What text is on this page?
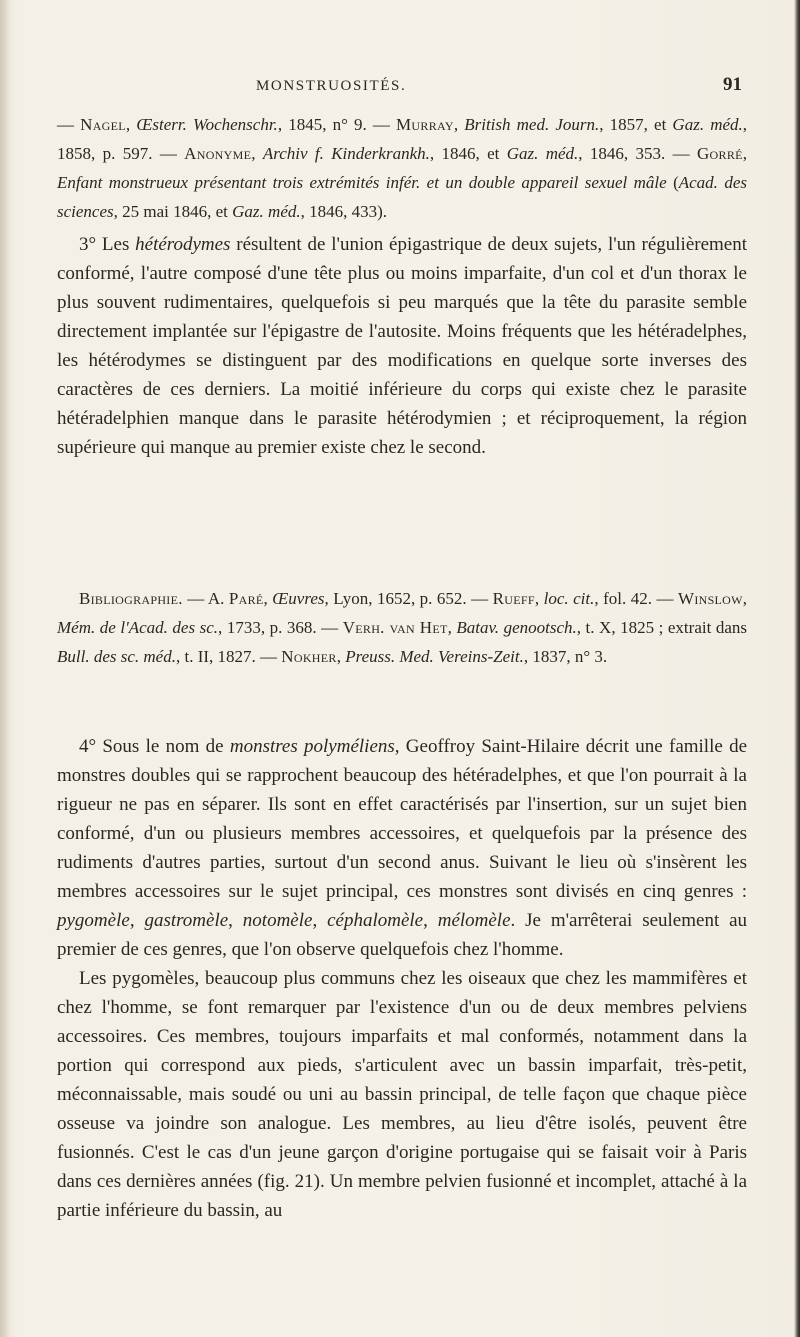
MONSTRUOSITÉS.	91

— Nagel, Œsterr. Wochenschr., 1845, n° 9. — Murray, British med. Journ., 1857, et Gaz. méd., 1858, p. 597. — Anonyme, Archiv f. Kinderkrankh., 1846, et Gaz. méd., 1846, 353. — Gorré, Enfant monstrueux présentant trois extrémités infér. et un double appareil sexuel mâle (Acad. des sciences, 25 mai 1846, et Gaz. méd., 1846, 433).

3° Les hétérodymes résultent de l'union épigastrique de deux sujets, l'un régulièrement conformé, l'autre composé d'une tête plus ou moins imparfaite, d'un col et d'un thorax le plus souvent rudimentaires, quelquefois si peu marqués que la tête du parasite semble directement implantée sur l'épigastre de l'autosite. Moins fréquents que les hétéradelphes, les hétérodymes se distinguent par des modifications en quelque sorte inverses des caractères de ces derniers. La moitié inférieure du corps qui existe chez le parasite hétéradelphien manque dans le parasite hétérodymien ; et réciproquement, la région supérieure qui manque au premier existe chez le second.

Bibliographie. — A. Paré, Œuvres, Lyon, 1652, p. 652. — Rueff, loc. cit., fol. 42. — Winslow, Mém. de l'Acad. des sc., 1733, p. 368. — Verh. van Het, Batav. genootsch., t. X, 1825 ; extrait dans Bull. des sc. méd., t. II, 1827. — Nokher, Preuss. Med. Vereins-Zeit., 1837, n° 3.

4° Sous le nom de monstres polyméliens, Geoffroy Saint-Hilaire décrit une famille de monstres doubles qui se rapprochent beaucoup des hétéradelphes, et que l'on pourrait à la rigueur ne pas en séparer. Ils sont en effet caractérisés par l'insertion, sur un sujet bien conformé, d'un ou plusieurs membres accessoires, et quelquefois par la présence des rudiments d'autres parties, surtout d'un second anus. Suivant le lieu où s'insèrent les membres accessoires sur le sujet principal, ces monstres sont divisés en cinq genres : pygomèle, gastromèle, notomèle, céphalomèle, mélomèle. Je m'arrêterai seulement au premier de ces genres, que l'on observe quelquefois chez l'homme.

Les pygomèles, beaucoup plus communs chez les oiseaux que chez les mammifères et chez l'homme, se font remarquer par l'existence d'un ou de deux membres pelviens accessoires. Ces membres, toujours imparfaits et mal conformés, notamment dans la portion qui correspond aux pieds, s'articulent avec un bassin imparfait, très-petit, méconnaissable, mais soudé ou uni au bassin principal, de telle façon que chaque pièce osseuse va joindre son analogue. Les membres, au lieu d'être isolés, peuvent être fusionnés. C'est le cas d'un jeune garçon d'origine portugaise qui se faisait voir à Paris dans ces dernières années (fig. 21). Un membre pelvien fusionné et incomplet, attaché à la partie inférieure du bassin, au
